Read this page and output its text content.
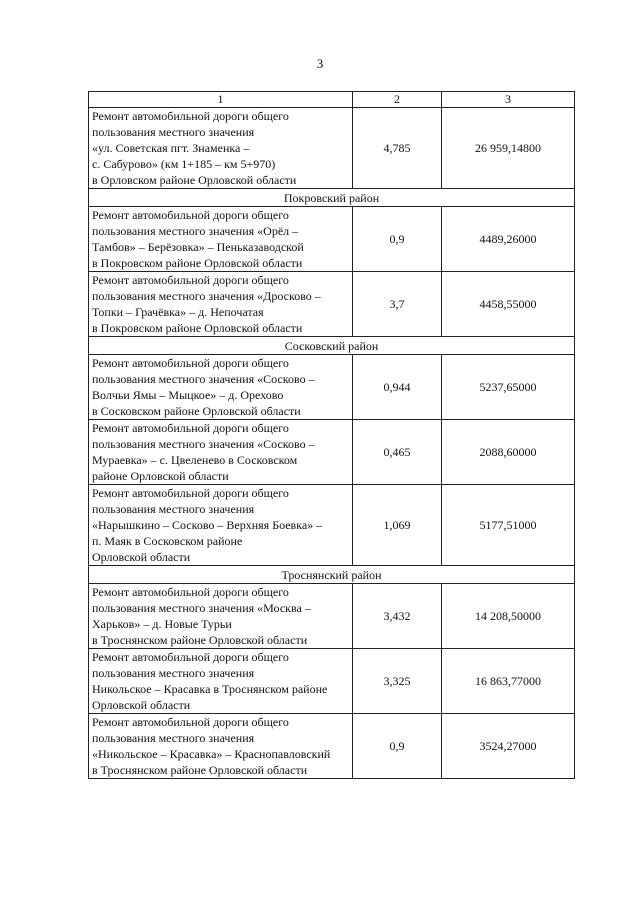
3
1	2	3

Ремонт автомобильной дороги общего
пользования местного значения
«ул. Советская пгт. Знаменка –
с. Сабурово» (км 1+185 – км 5+970)
в Орловском районе Орловской области	4,785	26 959,14800
Покровский район		

Ремонт автомобильной дороги общего
пользования местного значения «Орёл –
Тамбов» – Берёзовка» – Пеньказаводской
в Покровском районе Орловской области	0,9	4489,26000

Ремонт автомобильной дороги общего
пользования местного значения «Дросково –
Топки – Грачёвка» – д. Непочатая
в Покровском районе Орловской области	3,7	4458,55000
Сосковский район		

Ремонт автомобильной дороги общего
пользования местного значения «Сосково –
Волчьи Ямы – Мыцкое» – д. Орехово
в Сосковском районе Орловской области	0,944	5237,65000

Ремонт автомобильной дороги общего
пользования местного значения «Сосково –
Мураевка» – с. Цвеленево в Сосковском
районе Орловской области	0,465	2088,60000

Ремонт автомобильной дороги общего
пользования местного значения
«Нарышкино – Сосково – Верхняя Боевка» –
п. Маяк в Сосковском районе
Орловской области	1,069	5177,51000
Троснянский район		

Ремонт автомобильной дороги общего
пользования местного значения «Москва –
Харьков» – д. Новые Турьи
в Троснянском районе Орловской области	3,432	14 208,50000

Ремонт автомобильной дороги общего
пользования местного значения
Никольское – Красавка в Троснянском районе
Орловской области	3,325	16 863,77000

Ремонт автомобильной дороги общего
пользования местного значения
«Никольское – Красавка» – Краснопавловский
в Троснянском районе Орловской области	0,9	3524,27000
